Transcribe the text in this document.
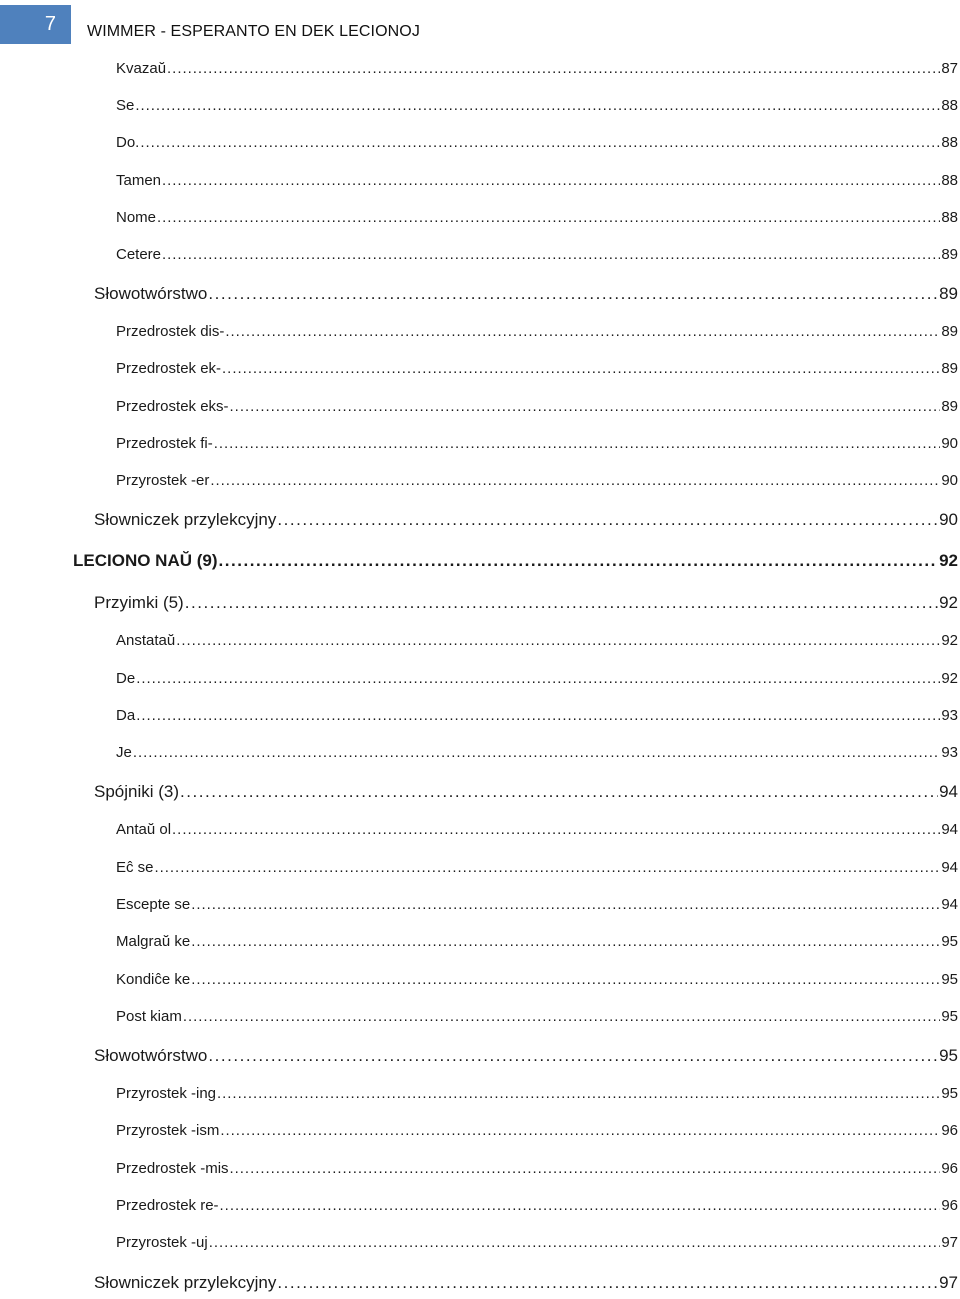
7	WIMMER - ESPERANTO EN DEK LECIONOJ
Kvazaŭ . . .	87
Se . . .	88
Do. . . .	88
Tamen . . .	88
Nome . . .	88
Cetere . . .	89
Słowotwórstwo . . .	89
Przedrostek dis- . . .	89
Przedrostek ek- . . .	89
Przedrostek eks- . . .	89
Przedrostek fi- . . .	90
Przyrostek -er . . .	90
Słowniczek przylekcyjny . . .	90
LECIONO NAŬ (9) . . .	92
Przyimki (5) . . .	92
Anstataŭ . . .	92
De . . .	92
Da . . .	93
Je . . .	93
Spójniki (3) . . .	94
Antaŭ ol . . .	94
Eĉ se . . .	94
Escepte se . . .	94
Malgraŭ ke . . .	95
Kondiĉe ke . . .	95
Post kiam . . .	95
Słowotwórstwo . . .	95
Przyrostek -ing . . .	95
Przyrostek -ism . . .	96
Przedrostek -mis . . .	96
Przedrostek re- . . .	96
Przyrostek -uj . . .	97
Słowniczek przylekcyjny . . .	97
